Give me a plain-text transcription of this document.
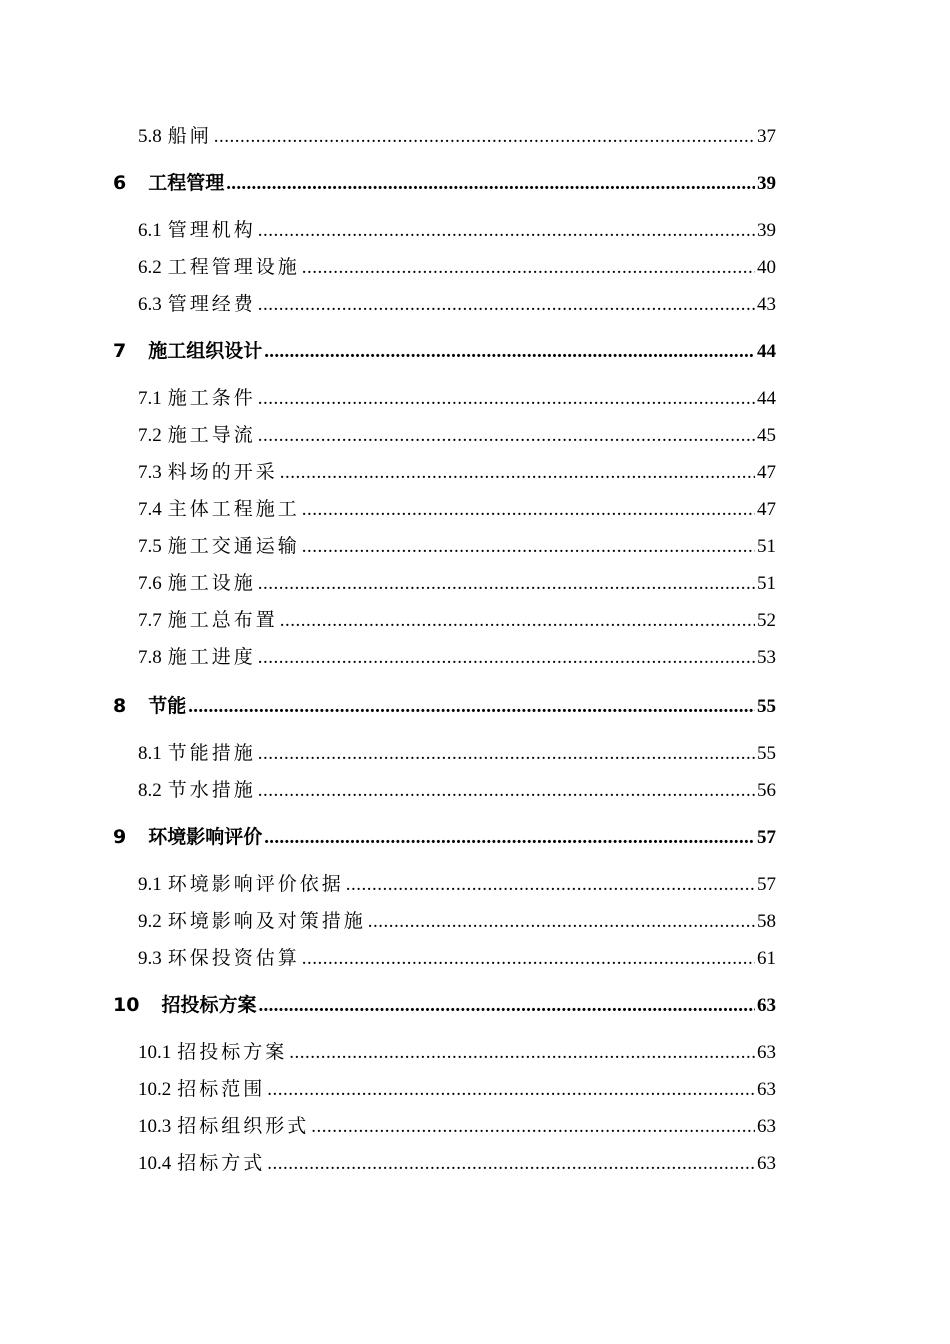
5.8 船闸 .....	37
6 工程管理 .....	39
6.1 管理机构 .....	39
6.2 工程管理设施 .....	40
6.3 管理经费 .....	43
7 施工组织设计 .....	44
7.1 施工条件 .....	44
7.2 施工导流 .....	45
7.3 料场的开采 .....	47
7.4 主体工程施工 .....	47
7.5 施工交通运输 .....	51
7.6 施工设施 .....	51
7.7 施工总布置 .....	52
7.8 施工进度 .....	53
8 节能 .....	55
8.1 节能措施 .....	55
8.2 节水措施 .....	56
9 环境影响评价 .....	57
9.1 环境影响评价依据 .....	57
9.2 环境影响及对策措施 .....	58
9.3 环保投资估算 .....	61
10 招投标方案 .....	63
10.1 招投标方案 .....	63
10.2 招标范围 .....	63
10.3 招标组织形式 .....	63
10.4 招标方式 .....	63
